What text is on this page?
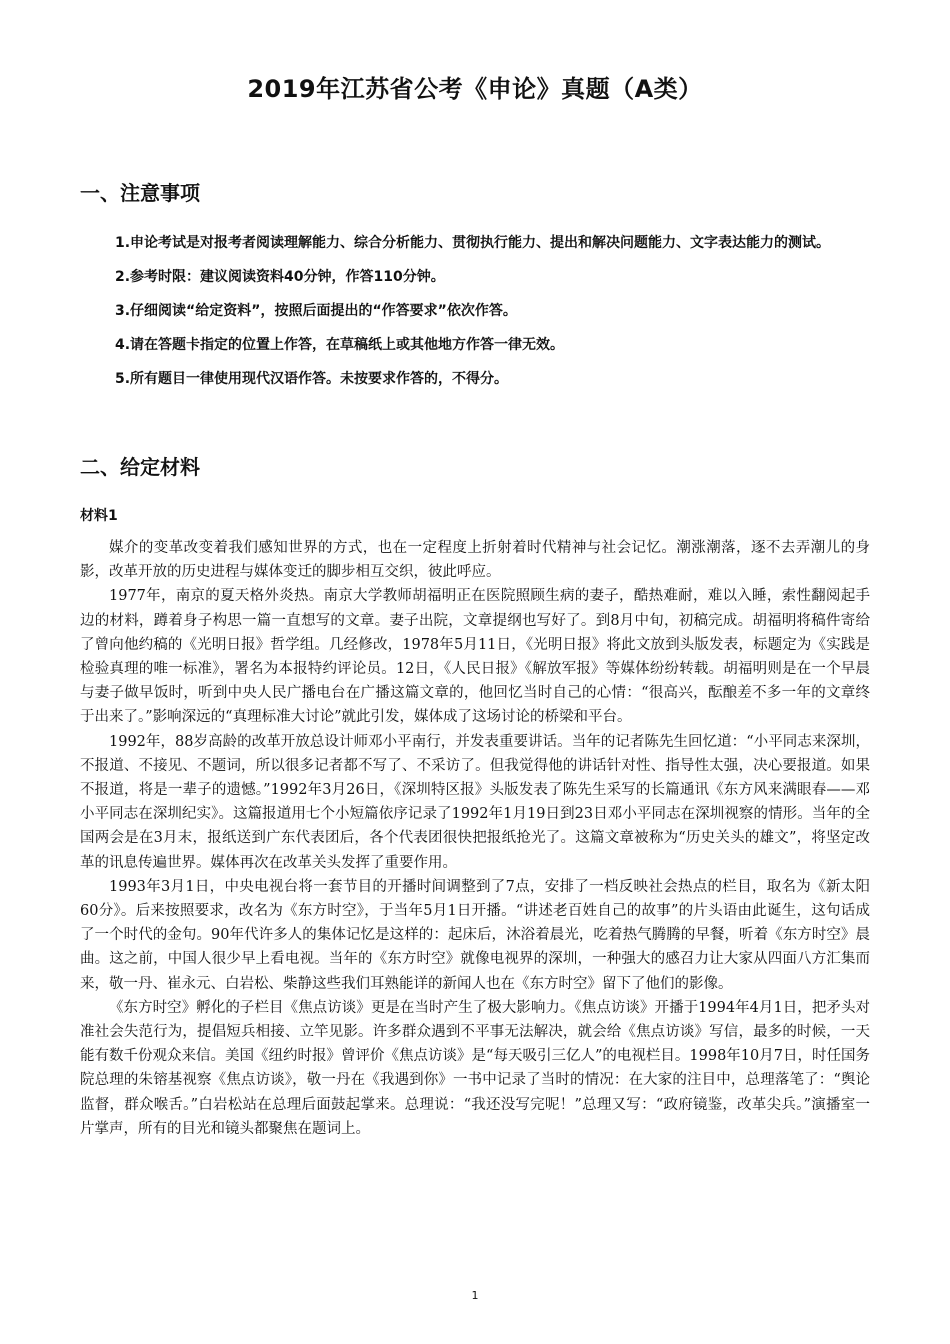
2019年江苏省公考《申论》真题（A类）
一、注意事项
1.申论考试是对报考者阅读理解能力、综合分析能力、贯彻执行能力、提出和解决问题能力、文字表达能力的测试。
2.参考时限：建议阅读资料40分钟，作答110分钟。
3.仔细阅读“给定资料”，按照后面提出的“作答要求”依次作答。
4.请在答题卡指定的位置上作答，在草稿纸上或其他地方作答一律无效。
5.所有题目一律使用现代汉语作答。未按要求作答的，不得分。
二、给定材料
材料1

媒介的变革改变着我们感知世界的方式，也在一定程度上折射着时代精神与社会记忆。潮涨潮落，逐不去弄潮儿的身影，改革开放的历史进程与媒体变迁的脚步相互交织，彼此呼应。

1977年，南京的夏天格外炎热。南京大学教师胡福明正在医院照顾生病的妻子，酷热难耐，难以入睡，索性翻阅起手边的材料，蹲着身子构思一篇一直想写的文章。妻子出院，文章提纲也写好了。到8月中旬，初稿完成。胡福明将稿件寄给了曾向他约稿的《光明日报》哲学组。几经修改，1978年5月11日，《光明日报》将此文放到头版发表，标题定为《实践是检验真理的唯一标准》，署名为本报特约评论员。12日，《人民日报》《解放军报》等媒体纷纷转载。胡福明则是在一个早晨与妻子做早饭时，听到中央人民广播电台在广播这篇文章的，他回忆当时自己的心情：“很高兴，酝酿差不多一年的文章终于出来了。”影响深远的“真理标准大讨论”就此引发，媒体成了这场讨论的桥梁和平台。

1992年，88岁高龄的改革开放总设计师邓小平南行，并发表重要讲话。当年的记者陈先生回忆道：“小平同志来深圳，不报道、不接见、不题词，所以很多记者都不写了、不采访了。但我觉得他的讲话针对性、指导性太强，决心要报道。如果不报道，将是一辈子的遗憾。”1992年3月26日，《深圳特区报》头版发表了陈先生采写的长篇通讯《东方风来满眼春——邓小平同志在深圳纪实》。这篇报道用七个小短篇依序记录了1992年1月19日到23日邓小平同志在深圳视察的情形。当年的全国两会是在3月末，报纸送到广东代表团后，各个代表团很快把报纸抢光了。这篇文章被称为“历史关头的雄文”，将坚定改革的讯息传遍世界。媒体再次在改革关头发挥了重要作用。

1993年3月1日，中央电视台将一套节目的开播时间调整到了7点，安排了一档反映社会热点的栏目，取名为《新太阳60分》。后来按照要求，改名为《东方时空》，于当年5月1日开播。“讲述老百姓自己的故事”的片头语由此诞生，这句话成了一个时代的金句。90年代许多人的集体记忆是这样的：起床后，沐浴着晨光，吃着热气腾腾的早餐，听着《东方时空》晨曲。这之前，中国人很少早上看电视。当年的《东方时空》就像电视界的深圳，一种强大的感召力让大家从四面八方汇集而来，敬一丹、崔永元、白岩松、柴静这些我们耳熟能详的新闻人也在《东方时空》留下了他们的影像。

《东方时空》孵化的子栏目《焦点访谈》更是在当时产生了极大影响力。《焦点访谈》开播于1994年4月1日，把矛头对准社会失范行为，提倡短兵相接、立竿见影。许多群众遇到不平事无法解决，就会给《焦点访谈》写信，最多的时候，一天能有数千份观众来信。美国《纽约时报》曾评价《焦点访谈》是“每天吸引三亿人”的电视栏目。1998年10月7日，时任国务院总理的朱镕基视察《焦点访谈》，敬一丹在《我遇到你》一书中记录了当时的情况：在大家的注目中，总理落笔了：“舆论监督，群众喉舌。”白岩松站在总理后面鼓起掌来。总理说：“我还没写完呢！”总理又写：“政府镜鉴，改革尖兵。”演播室一片掌声，所有的目光和镜头都聚焦在题词上。

1
